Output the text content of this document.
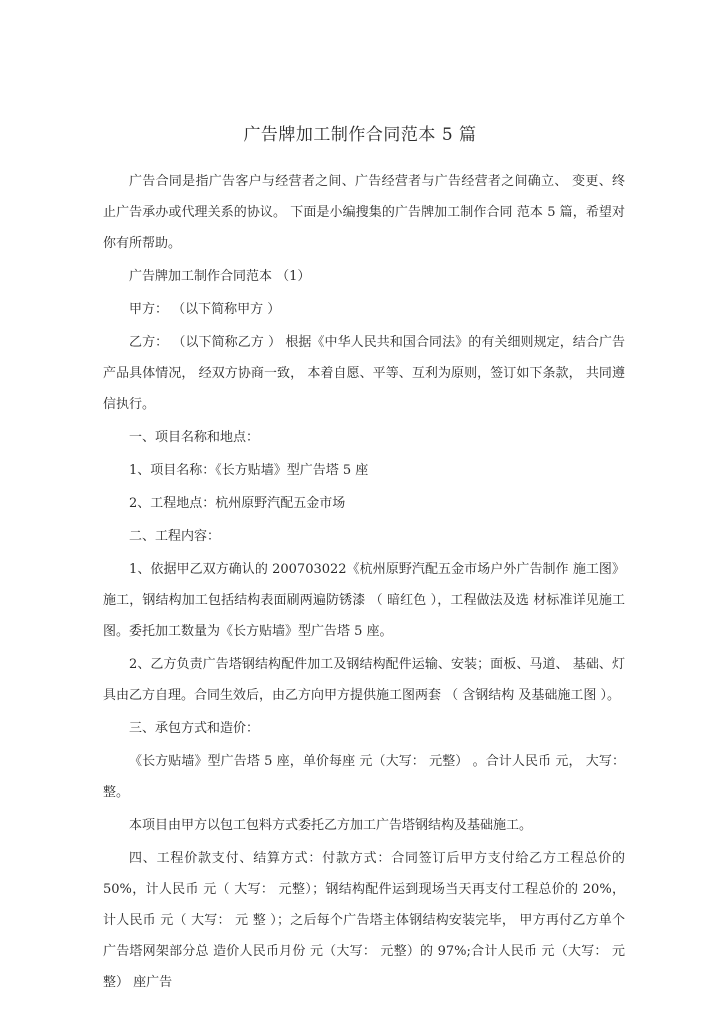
广告牌加工制作合同范本 5 篇

广告合同是指广告客户与经营者之间、广告经营者与广告经营者之间确立、 变更、终止广告承办或代理关系的协议。 下面是小编搜集的广告牌加工制作合同 范本 5 篇，希望对你有所帮助。

广告牌加工制作合同范本 （1）

甲方： （以下简称甲方 ）

乙方： （以下简称乙方 ） 根据《中华人民共和国合同法》的有关细则规定，结合广告产品具体情况， 经双方协商一致， 本着自愿、平等、互利为原则，签订如下条款， 共同遵信执行。

一、项目名称和地点：

1、项目名称：《长方贴墙》型广告塔 5 座

2、工程地点：杭州原野汽配五金市场

二、工程内容：

1、依据甲乙双方确认的 200703022《杭州原野汽配五金市场户外广告制作 施工图》施工，钢结构加工包括结构表面刷两遍防锈漆 （ 暗红色 ），工程做法及选 材标准详见施工图。委托加工数量为《长方贴墙》型广告塔 5 座。

2、乙方负责广告塔钢结构配件加工及钢结构配件运输、安装；面板、马道、 基础、灯具由乙方自理。合同生效后，由乙方向甲方提供施工图两套 （ 含钢结构 及基础施工图 ）。

三、承包方式和造价：

《长方贴墙》型广告塔 5 座，单价每座 元（大写： 元整） 。合计人民币 元， 大写： 整。

本项目由甲方以包工包料方式委托乙方加工广告塔钢结构及基础施工。

四、工程价款支付、结算方式：付款方式：合同签订后甲方支付给乙方工程总价的 50%，计人民币 元（ 大写： 元整）；钢结构配件运到现场当天再支付工程总价的 20%，计人民币 元（ 大写： 元 整 ）；之后每个广告塔主体钢结构安装完毕， 甲方再付乙方单个广告塔网架部分总 造价人民币月份 元（大写： 元整）的 97%;合计人民币 元（大写： 元整） 座广告
